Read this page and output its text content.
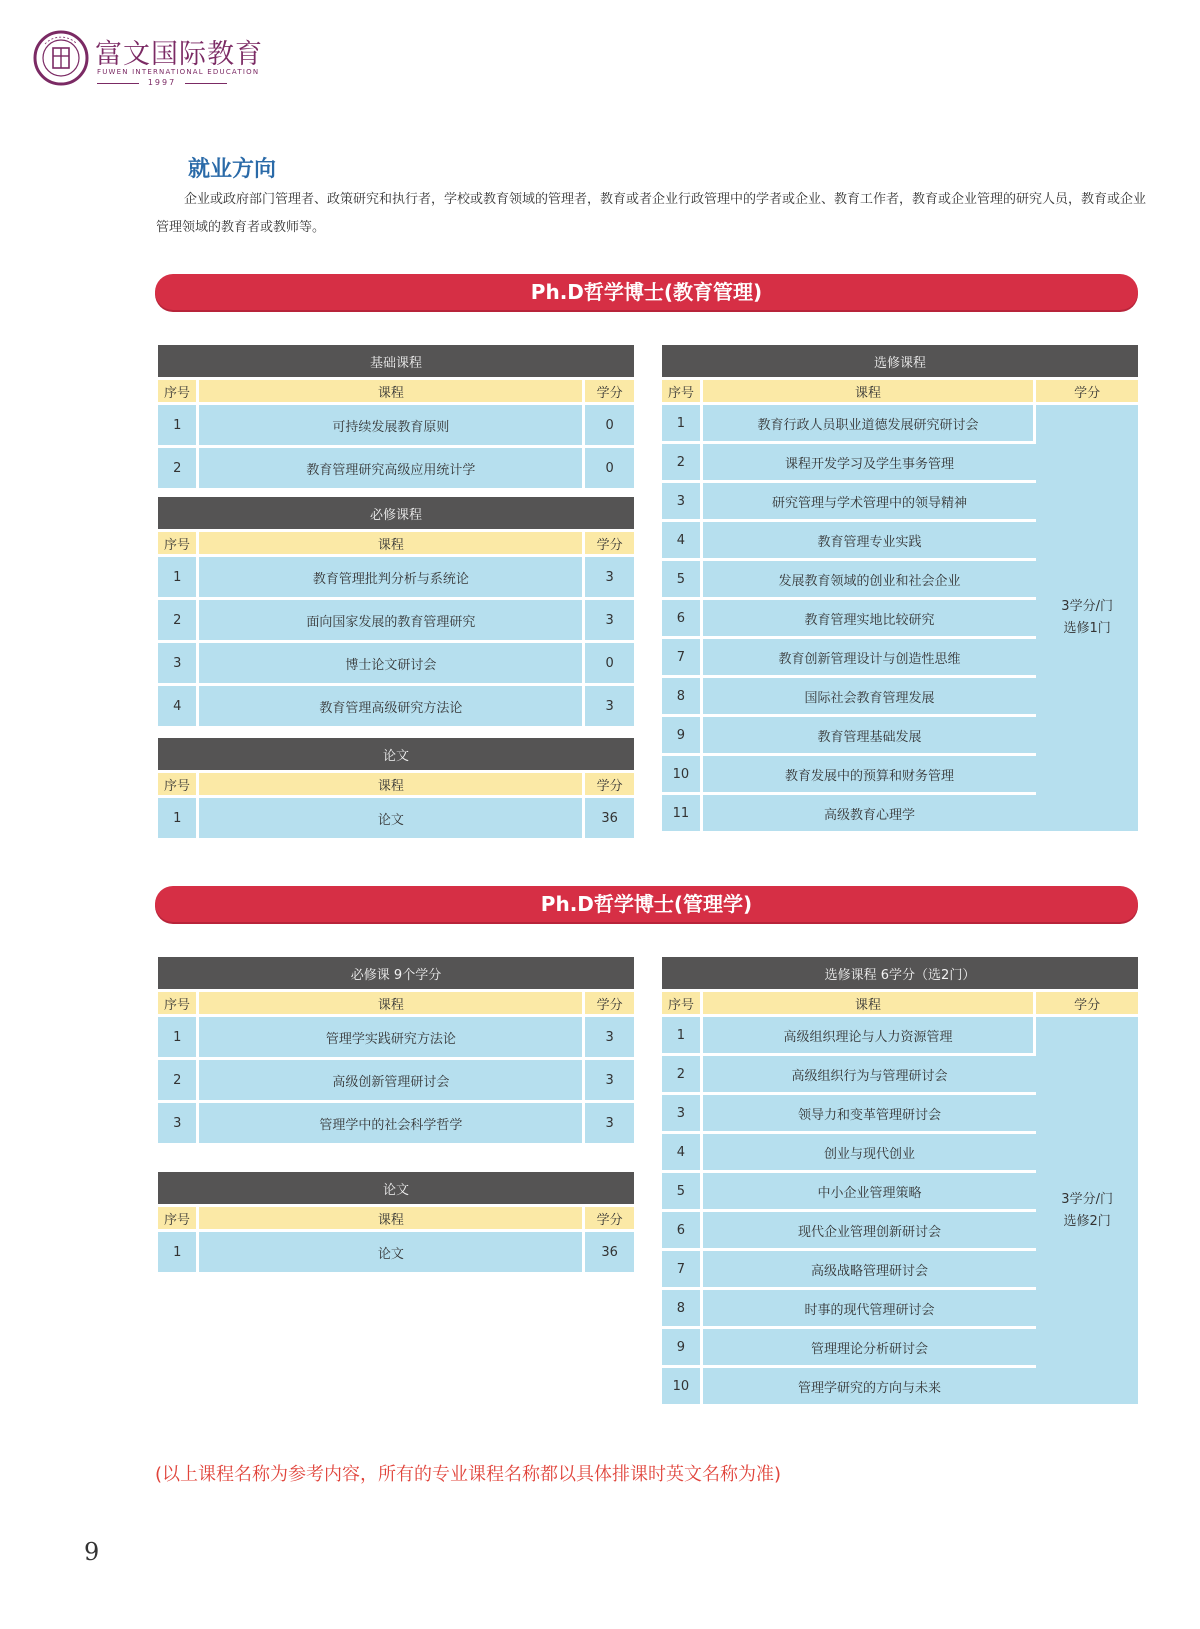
富文国际教育
FUWEN INTERNATIONAL EDUCATION
1997
就业方向
企业或政府部门管理者、政策研究和执行者，学校或教育领域的管理者，教育或者企业行政管理中的学者或企业、教育工作者，教育或企业管理的研究人员，教育或企业管理领域的教育者或教师等。
Ph.D哲学博士(教育管理)
基础课程		
序号	课程	学分
1	可持续发展教育原则	0
2	教育管理研究高级应用统计学	0
必修课程		
序号	课程	学分
1	教育管理批判分析与系统论	3
2	面向国家发展的教育管理研究	3
3	博士论文研讨会	0
4	教育管理高级研究方法论	3
论文		
序号	课程	学分
1	论文	36
选修课程		
序号	课程	学分
1	教育行政人员职业道德发展研究研讨会	3学分/门
选修1门

2	课程开发学习及学生事务管理	
3	研究管理与学术管理中的领导精神	
4	教育管理专业实践	
5	发展教育领域的创业和社会企业	
6	教育管理实地比较研究	
7	教育创新管理设计与创造性思维	
8	国际社会教育管理发展	
9	教育管理基础发展	
10	教育发展中的预算和财务管理	
11	高级教育心理学	
Ph.D哲学博士(管理学)
必修课 9个学分		
序号	课程	学分
1	管理学实践研究方法论	3
2	高级创新管理研讨会	3
3	管理学中的社会科学哲学	3
论文		
序号	课程	学分
1	论文	36
选修课程 6学分（选2门）		
序号	课程	学分
1	高级组织理论与人力资源管理	3学分/门
选修2门

2	高级组织行为与管理研讨会	
3	领导力和变革管理研讨会	
4	创业与现代创业	
5	中小企业管理策略	
6	现代企业管理创新研讨会	
7	高级战略管理研讨会	
8	时事的现代管理研讨会	
9	管理理论分析研讨会	
10	管理学研究的方向与未来	
(以上课程名称为参考内容，所有的专业课程名称都以具体排课时英文名称为准)
9
